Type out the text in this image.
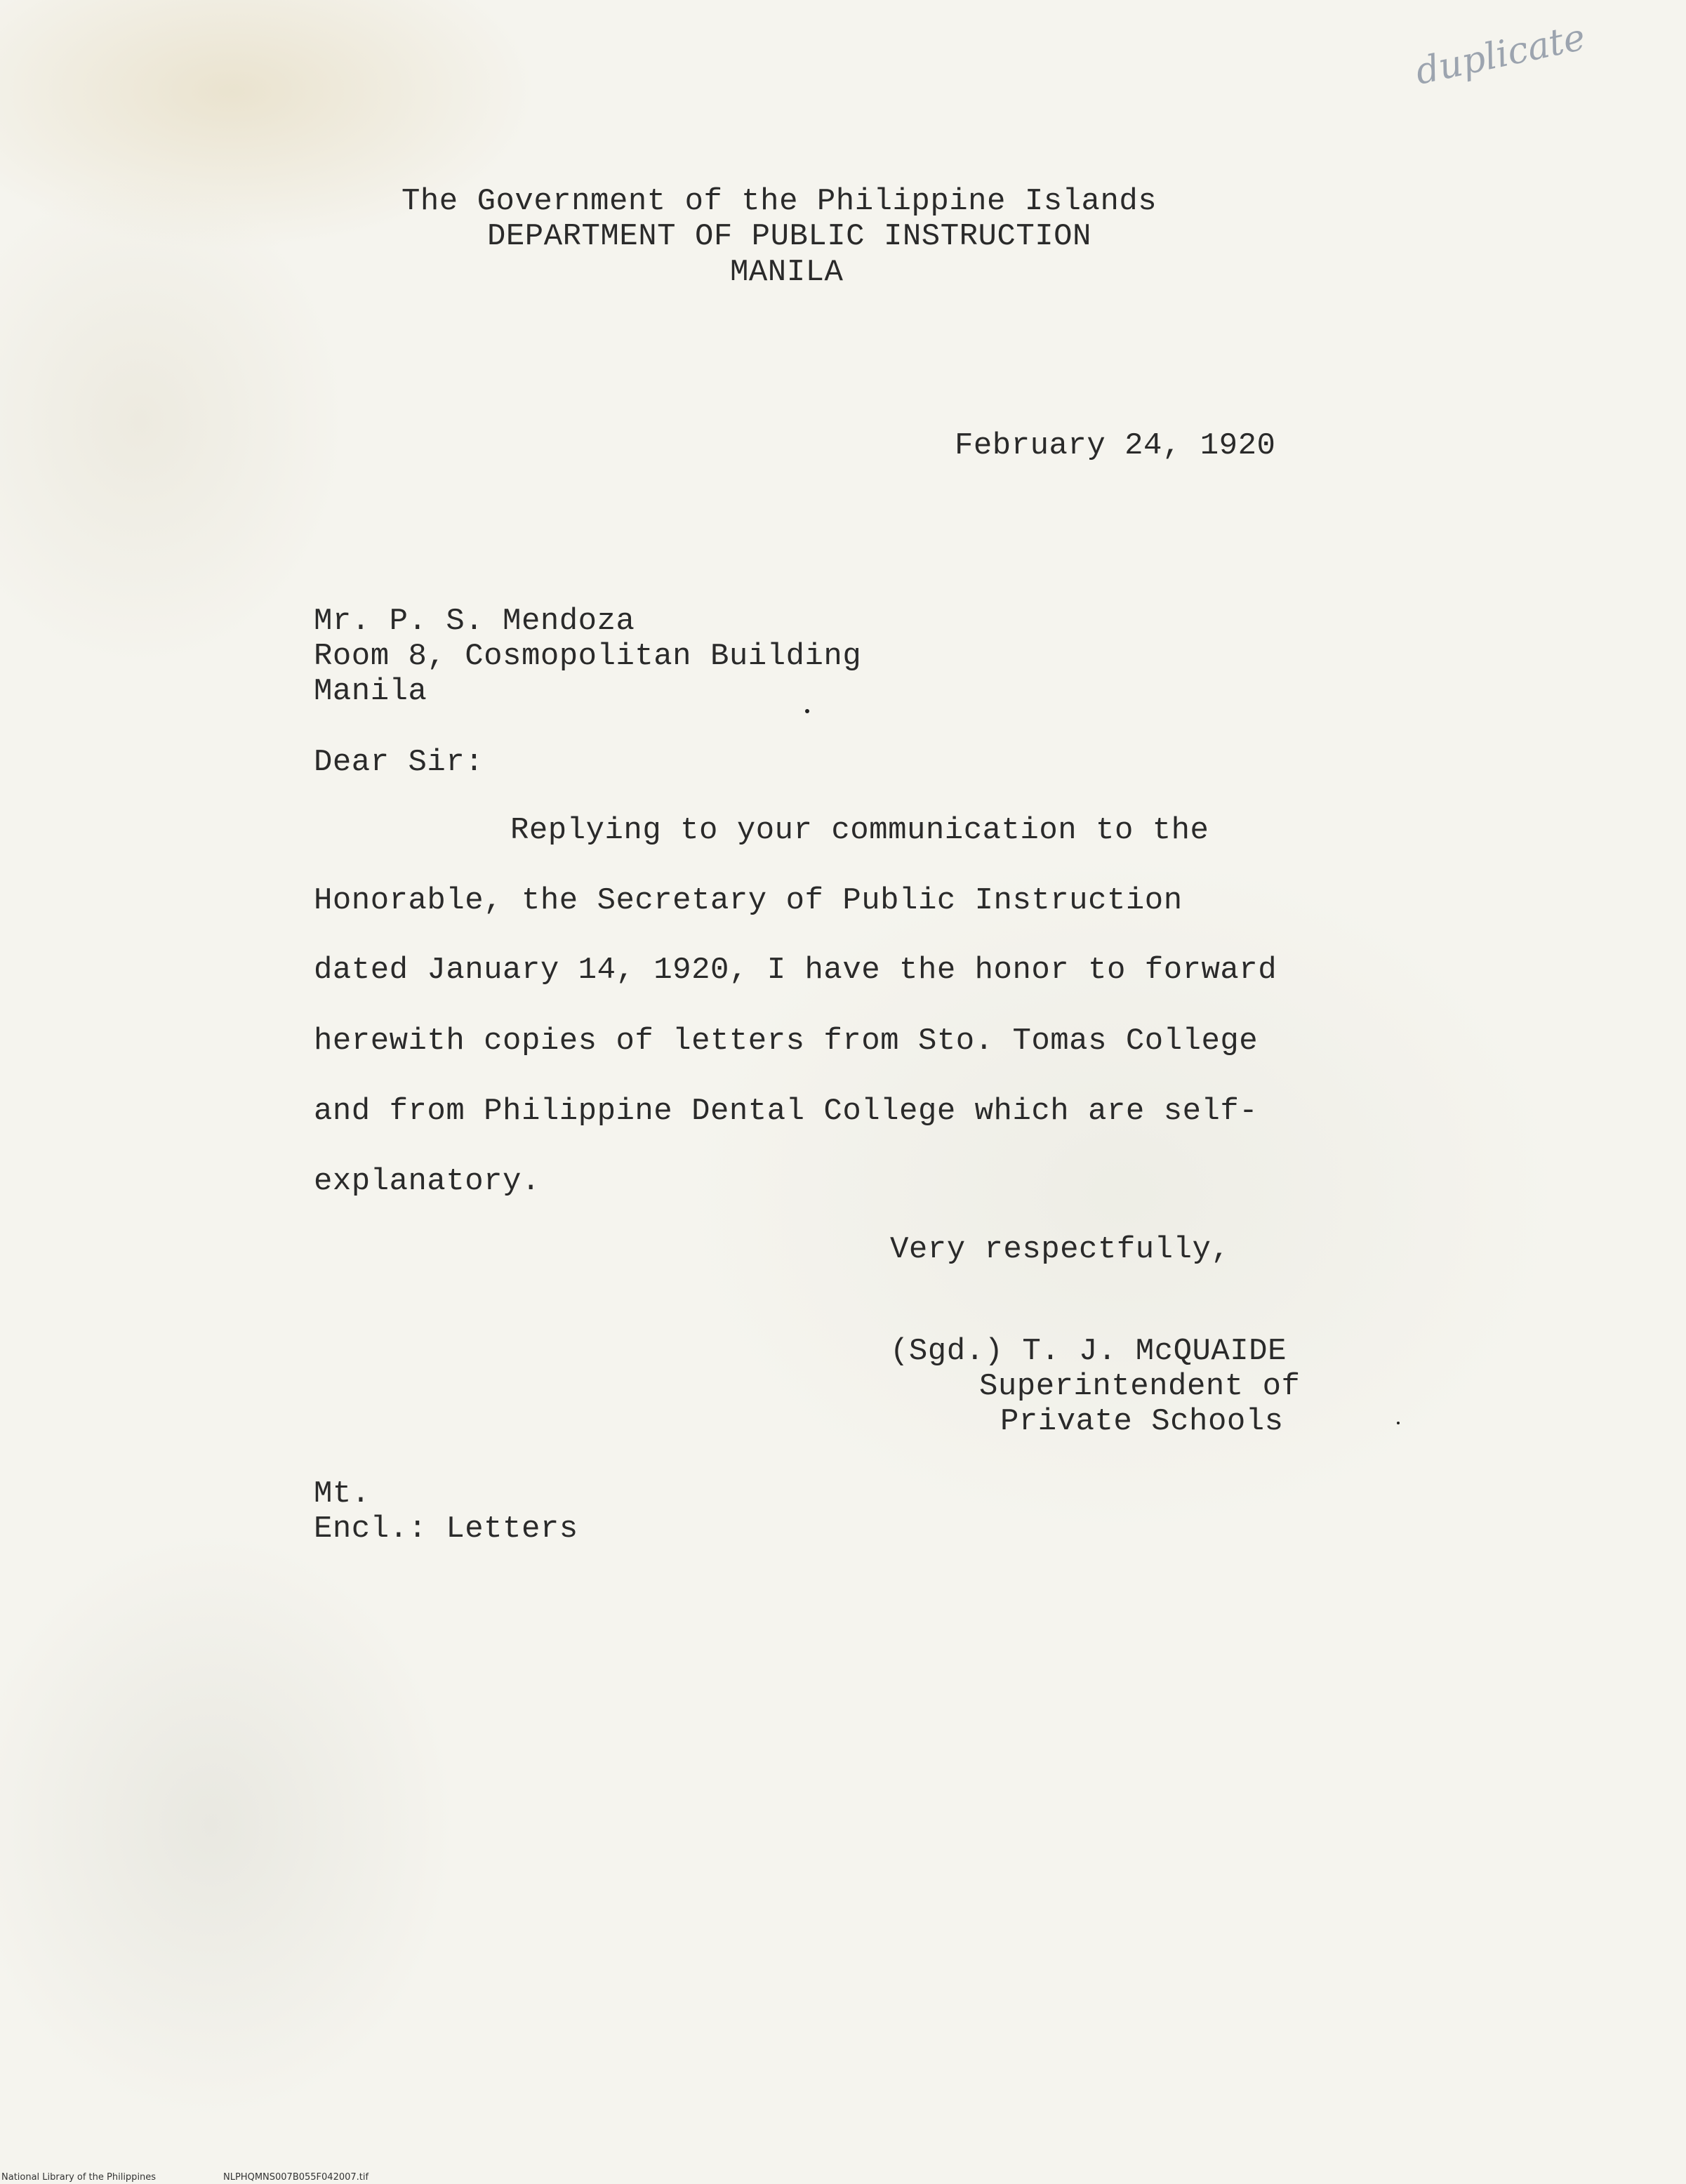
duplicate
The Government of the Philippine Islands
DEPARTMENT OF PUBLIC INSTRUCTION
MANILA
February 24, 1920
Mr. P. S. Mendoza
Room 8, Cosmopolitan Building
Manila
Dear Sir:
Replying to your communication to the
Honorable, the Secretary of Public Instruction
dated January 14, 1920, I have the honor to forward
herewith copies of letters from Sto. Tomas College
and from Philippine Dental College which are self-
explanatory.
Very respectfully,
(Sgd.) T. J. McQUAIDE
Superintendent of
Private Schools
Mt.
Encl.: Letters
National Library of the Philippines	NLPHQMNS007B055F042007.tif
